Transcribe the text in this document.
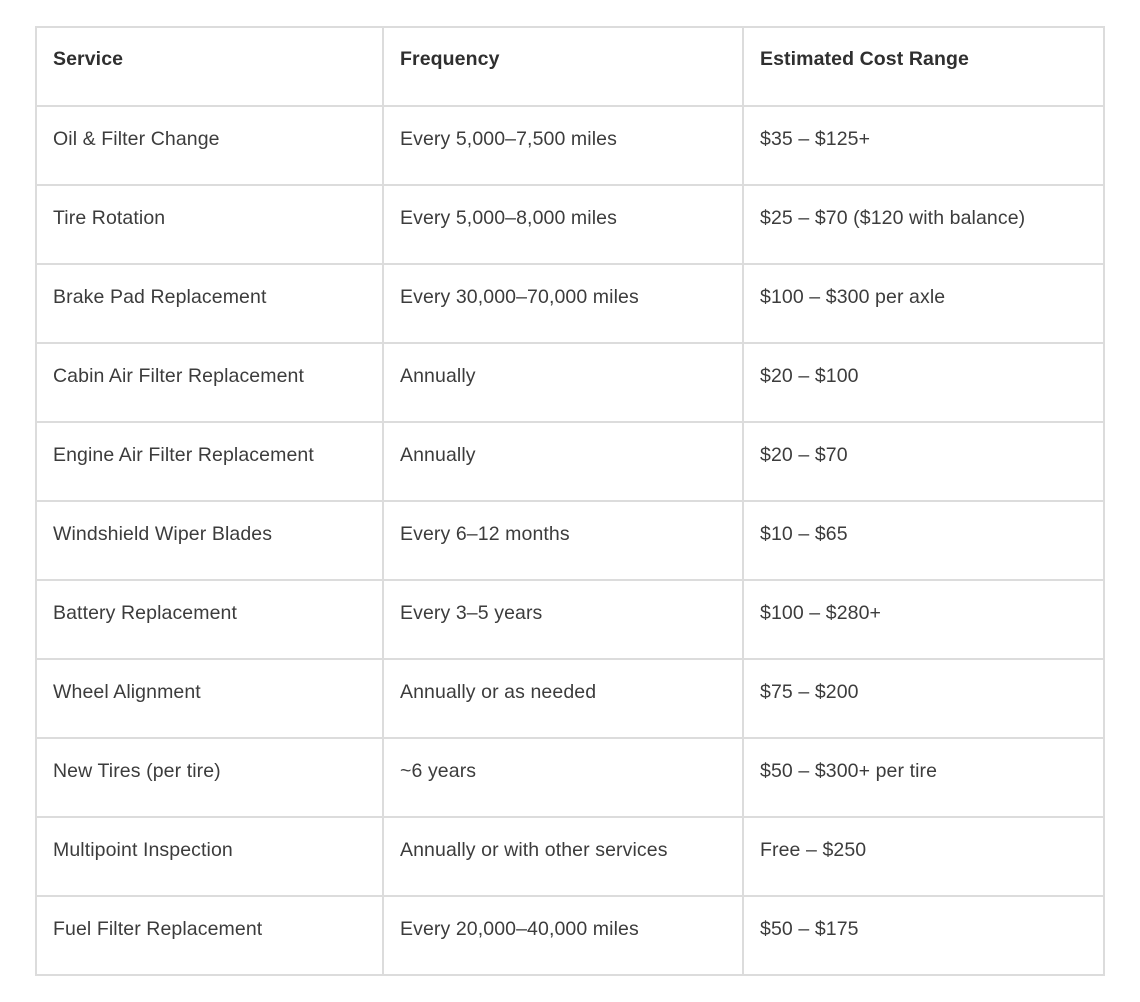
Service	Frequency	Estimated Cost Range
Oil & Filter Change	Every 5,000–7,500 miles	$35 – $125+
Tire Rotation	Every 5,000–8,000 miles	$25 – $70 ($120 with balance)
Brake Pad Replacement	Every 30,000–70,000 miles	$100 – $300 per axle
Cabin Air Filter Replacement	Annually	$20 – $100
Engine Air Filter Replacement	Annually	$20 – $70
Windshield Wiper Blades	Every 6–12 months	$10 – $65
Battery Replacement	Every 3–5 years	$100 – $280+
Wheel Alignment	Annually or as needed	$75 – $200
New Tires (per tire)	~6 years	$50 – $300+ per tire
Multipoint Inspection	Annually or with other services	Free – $250
Fuel Filter Replacement	Every 20,000–40,000 miles	$50 – $175
